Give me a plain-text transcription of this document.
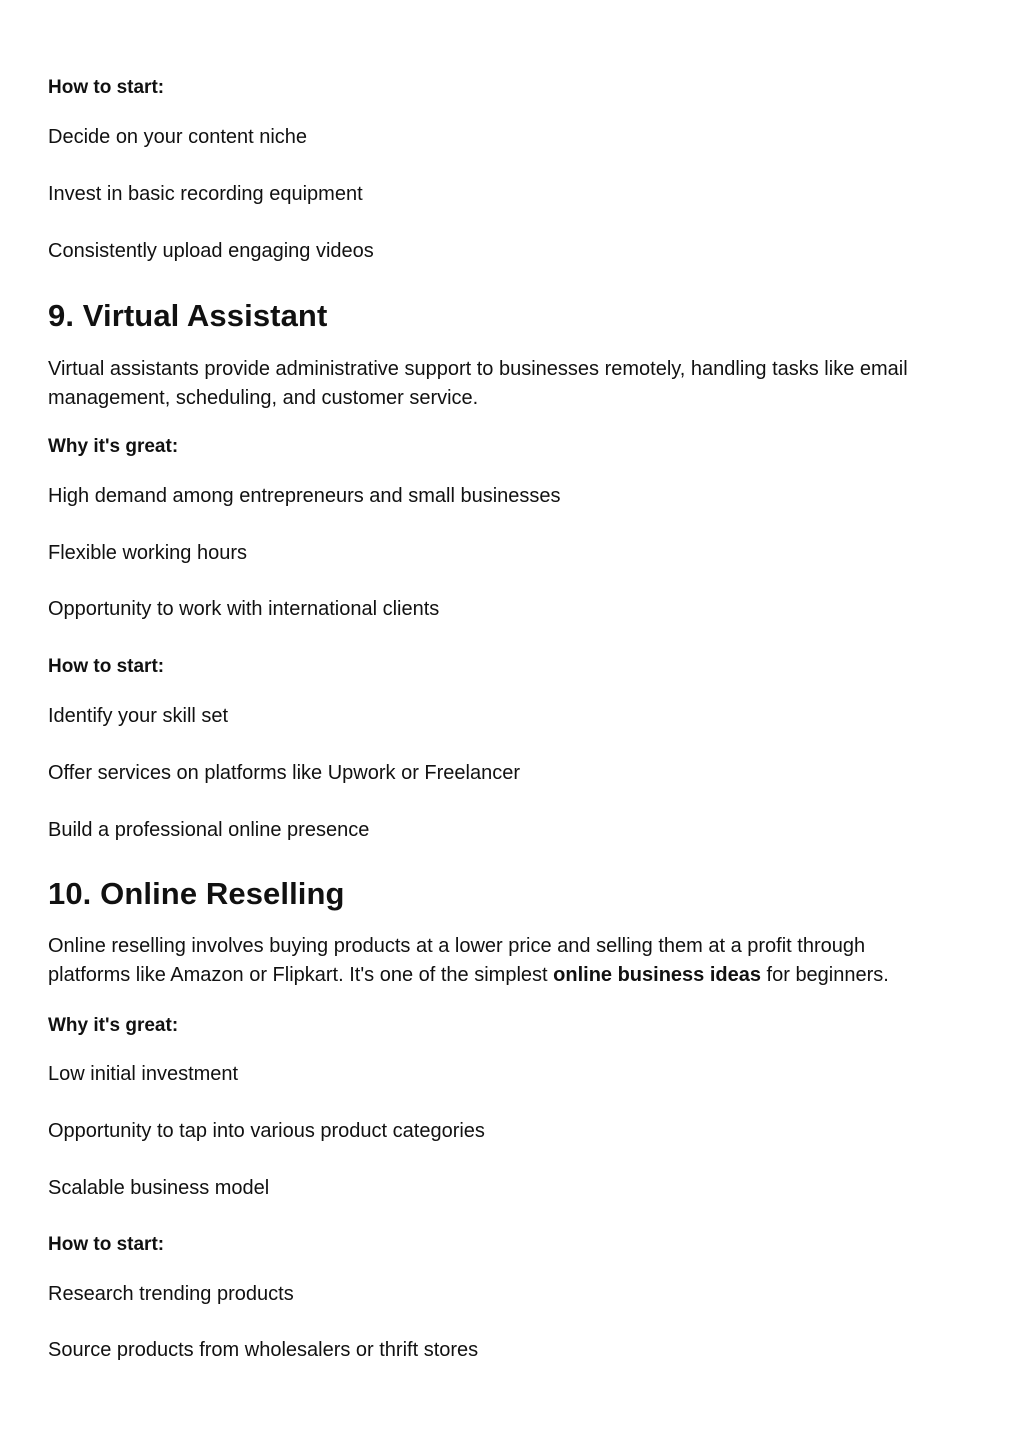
How to start:
Decide on your content niche
Invest in basic recording equipment
Consistently upload engaging videos
9. Virtual Assistant
Virtual assistants provide administrative support to businesses remotely, handling tasks like email management, scheduling, and customer service.
Why it's great:
High demand among entrepreneurs and small businesses
Flexible working hours
Opportunity to work with international clients
How to start:
Identify your skill set
Offer services on platforms like Upwork or Freelancer
Build a professional online presence
10. Online Reselling
Online reselling involves buying products at a lower price and selling them at a profit through platforms like Amazon or Flipkart. It's one of the simplest online business ideas for beginners.
Why it's great:
Low initial investment
Opportunity to tap into various product categories
Scalable business model
How to start:
Research trending products
Source products from wholesalers or thrift stores
